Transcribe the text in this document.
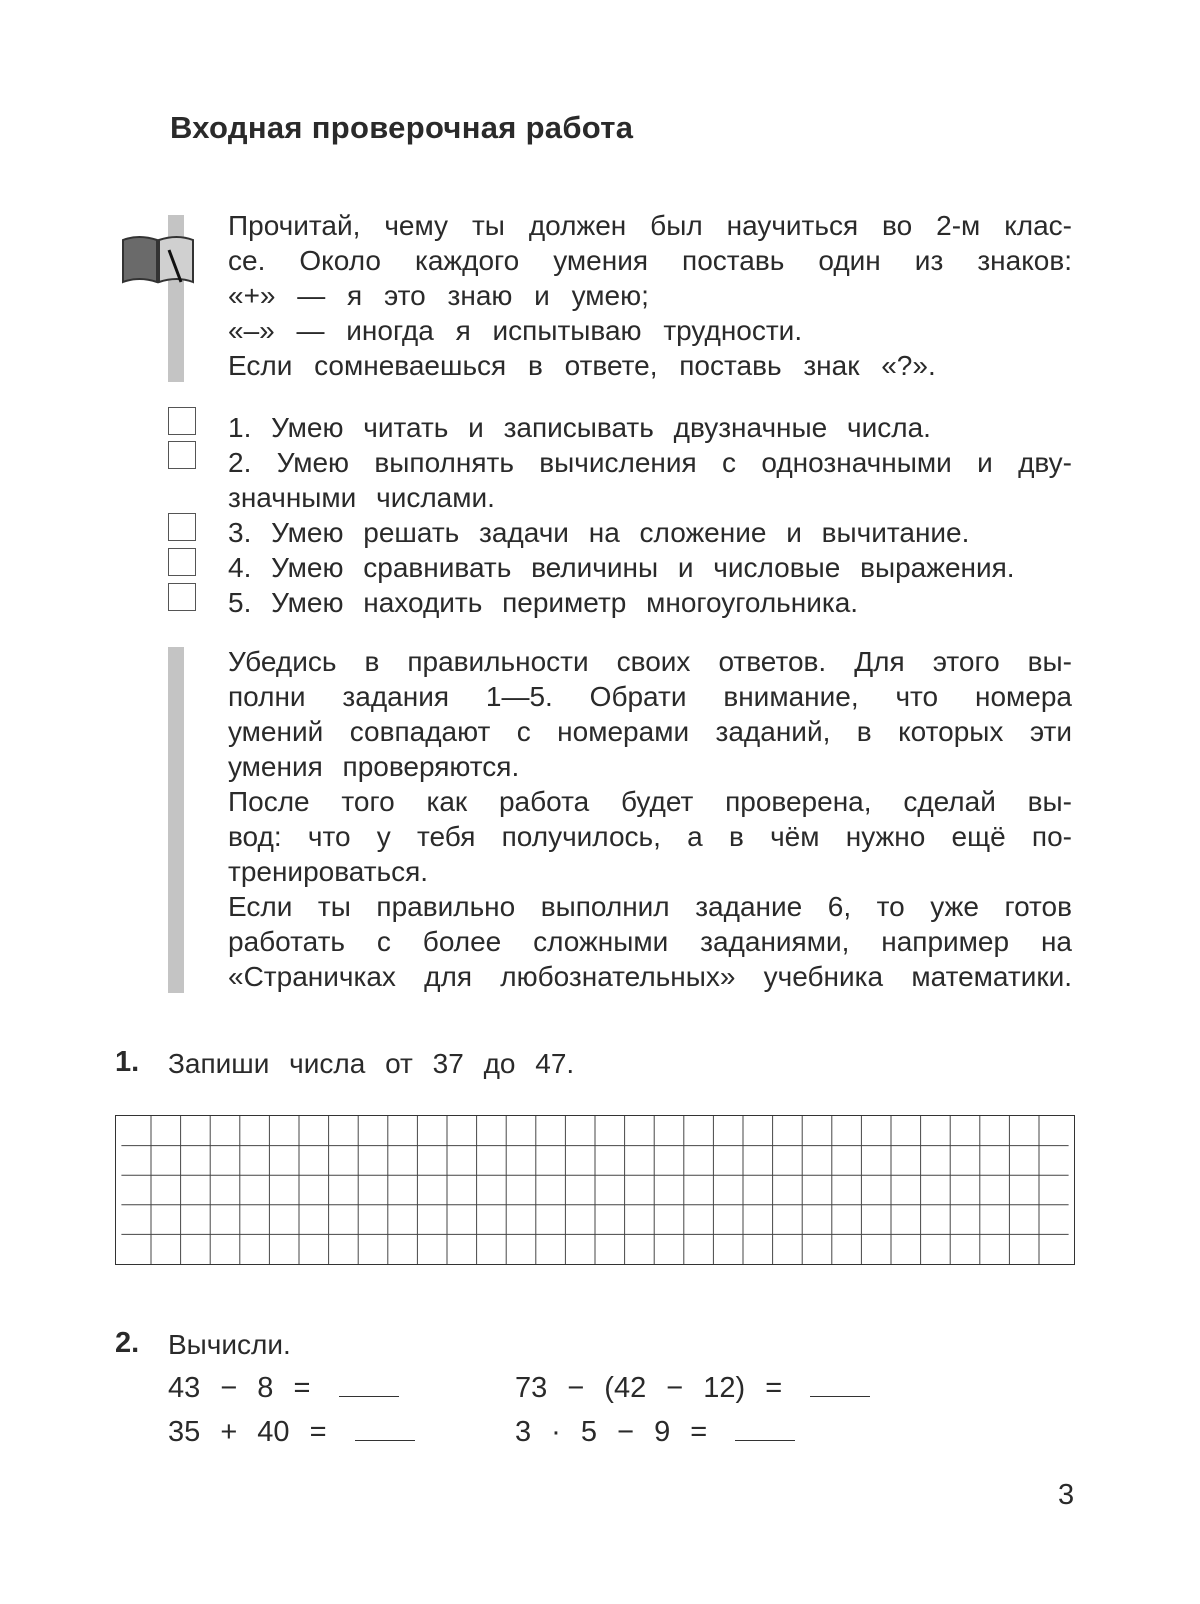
Входная проверочная работа
Прочитай, чему ты должен был научиться во 2-м клас-
се. Около каждого умения поставь один из знаков:
«+» — я это знаю и умею;
«–» — иногда я испытываю трудности.
Если сомневаешься в ответе, поставь знак «?».
1. Умею читать и записывать двузначные числа.
2. Умею выполнять вычисления с однозначными и дву-
значными числами.
3. Умею решать задачи на сложение и вычитание.
4. Умею сравнивать величины и числовые выражения.
5. Умею находить периметр многоугольника.
Убедись в правильности своих ответов. Для этого вы-
полни задания 1—5. Обрати внимание, что номера
умений совпадают с номерами заданий, в которых эти
умения проверяются.
После того как работа будет проверена, сделай вы-
вод: что у тебя получилось, а в чём нужно ещё по-
тренироваться.
Если ты правильно выполнил задание 6, то уже готов
работать с более сложными заданиями, например на
«Страничках для любознательных» учебника математики.
1. Запиши числа от 37 до 47.
2. Вычисли.
43 − 8 =	73 − (42 − 12) =
35 + 40 =	3 · 5 − 9 =
3
